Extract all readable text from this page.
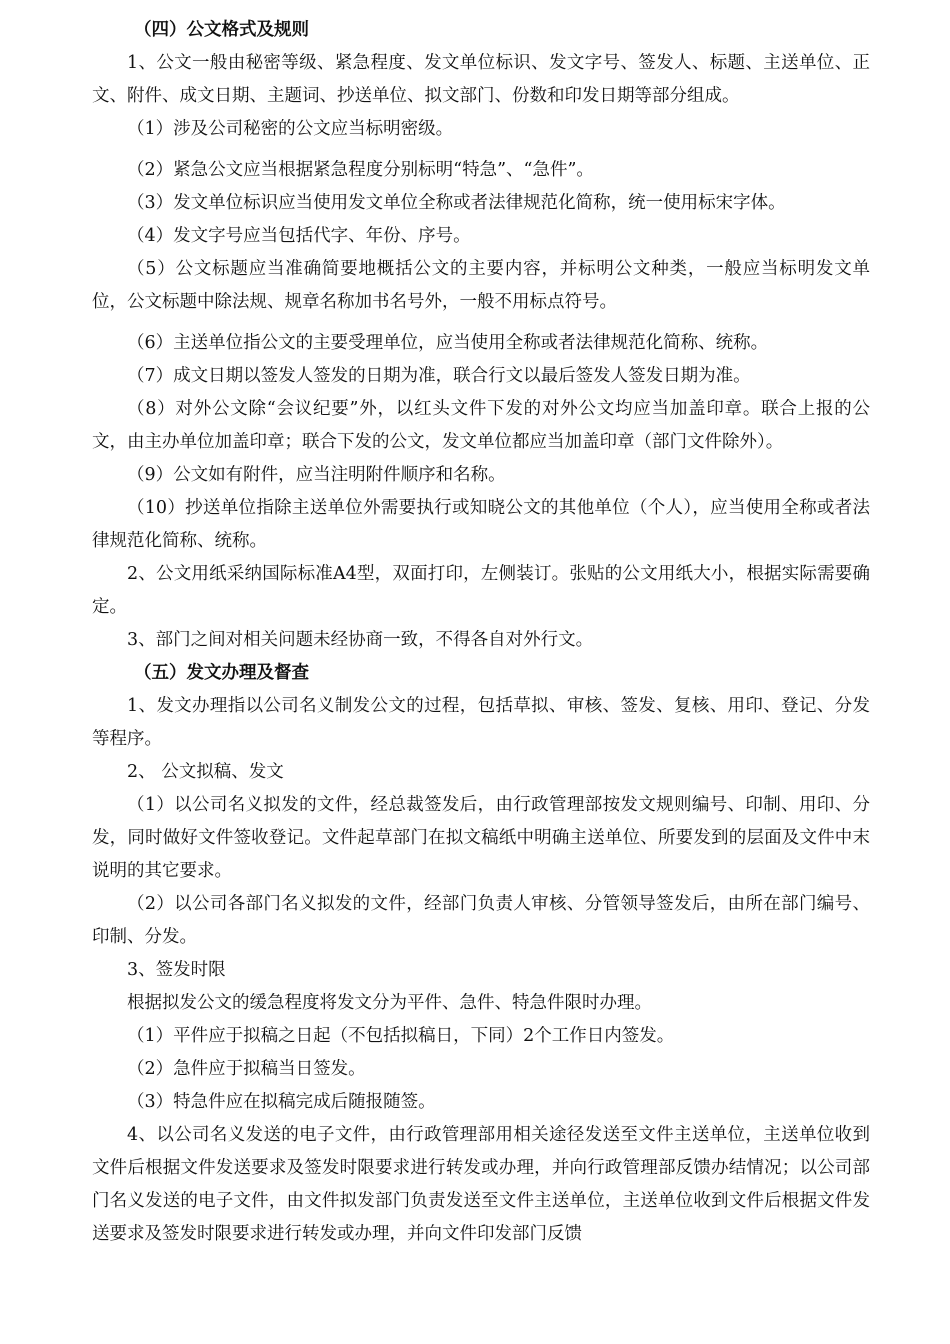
（四）公文格式及规则

1、公文一般由秘密等级、紧急程度、发文单位标识、发文字号、签发人、标题、主送单位、正文、附件、成文日期、主题词、抄送单位、拟文部门、份数和印发日期等部分组成。

（1）涉及公司秘密的公文应当标明密级。

（2）紧急公文应当根据紧急程度分别标明“特急”、“急件”。

（3）发文单位标识应当使用发文单位全称或者法律规范化简称，统一使用标宋字体。

（4）发文字号应当包括代字、年份、序号。

（5）公文标题应当准确简要地概括公文的主要内容，并标明公文种类，一般应当标明发文单位，公文标题中除法规、规章名称加书名号外，一般不用标点符号。

（6）主送单位指公文的主要受理单位，应当使用全称或者法律规范化简称、统称。

（7）成文日期以签发人签发的日期为准，联合行文以最后签发人签发日期为准。

（8）对外公文除“会议纪要”外，以红头文件下发的对外公文均应当加盖印章。联合上报的公文，由主办单位加盖印章；联合下发的公文，发文单位都应当加盖印章（部门文件除外）。

（9）公文如有附件，应当注明附件顺序和名称。

（10）抄送单位指除主送单位外需要执行或知晓公文的其他单位（个人），应当使用全称或者法律规范化简称、统称。

2、公文用纸采纳国际标准A4型，双面打印，左侧装订。张贴的公文用纸大小，根据实际需要确定。

3、部门之间对相关问题未经协商一致，不得各自对外行文。

（五）发文办理及督查

1、发文办理指以公司名义制发公文的过程，包括草拟、审核、签发、复核、用印、登记、分发等程序。

2、 公文拟稿、发文

（1）以公司名义拟发的文件，经总裁签发后，由行政管理部按发文规则编号、印制、用印、分发，同时做好文件签收登记。文件起草部门在拟文稿纸中明确主送单位、所要发到的层面及文件中末说明的其它要求。

（2）以公司各部门名义拟发的文件，经部门负责人审核、分管领导签发后，由所在部门编号、印制、分发。

3、签发时限

根据拟发公文的缓急程度将发文分为平件、急件、特急件限时办理。

（1）平件应于拟稿之日起（不包括拟稿日，下同）2个工作日内签发。

（2）急件应于拟稿当日签发。

（3）特急件应在拟稿完成后随报随签。

4、以公司名义发送的电子文件，由行政管理部用相关途径发送至文件主送单位，主送单位收到文件后根据文件发送要求及签发时限要求进行转发或办理，并向行政管理部反馈办结情况；以公司部门名义发送的电子文件，由文件拟发部门负责发送至文件主送单位，主送单位收到文件后根据文件发送要求及签发时限要求进行转发或办理，并向文件印发部门反馈
